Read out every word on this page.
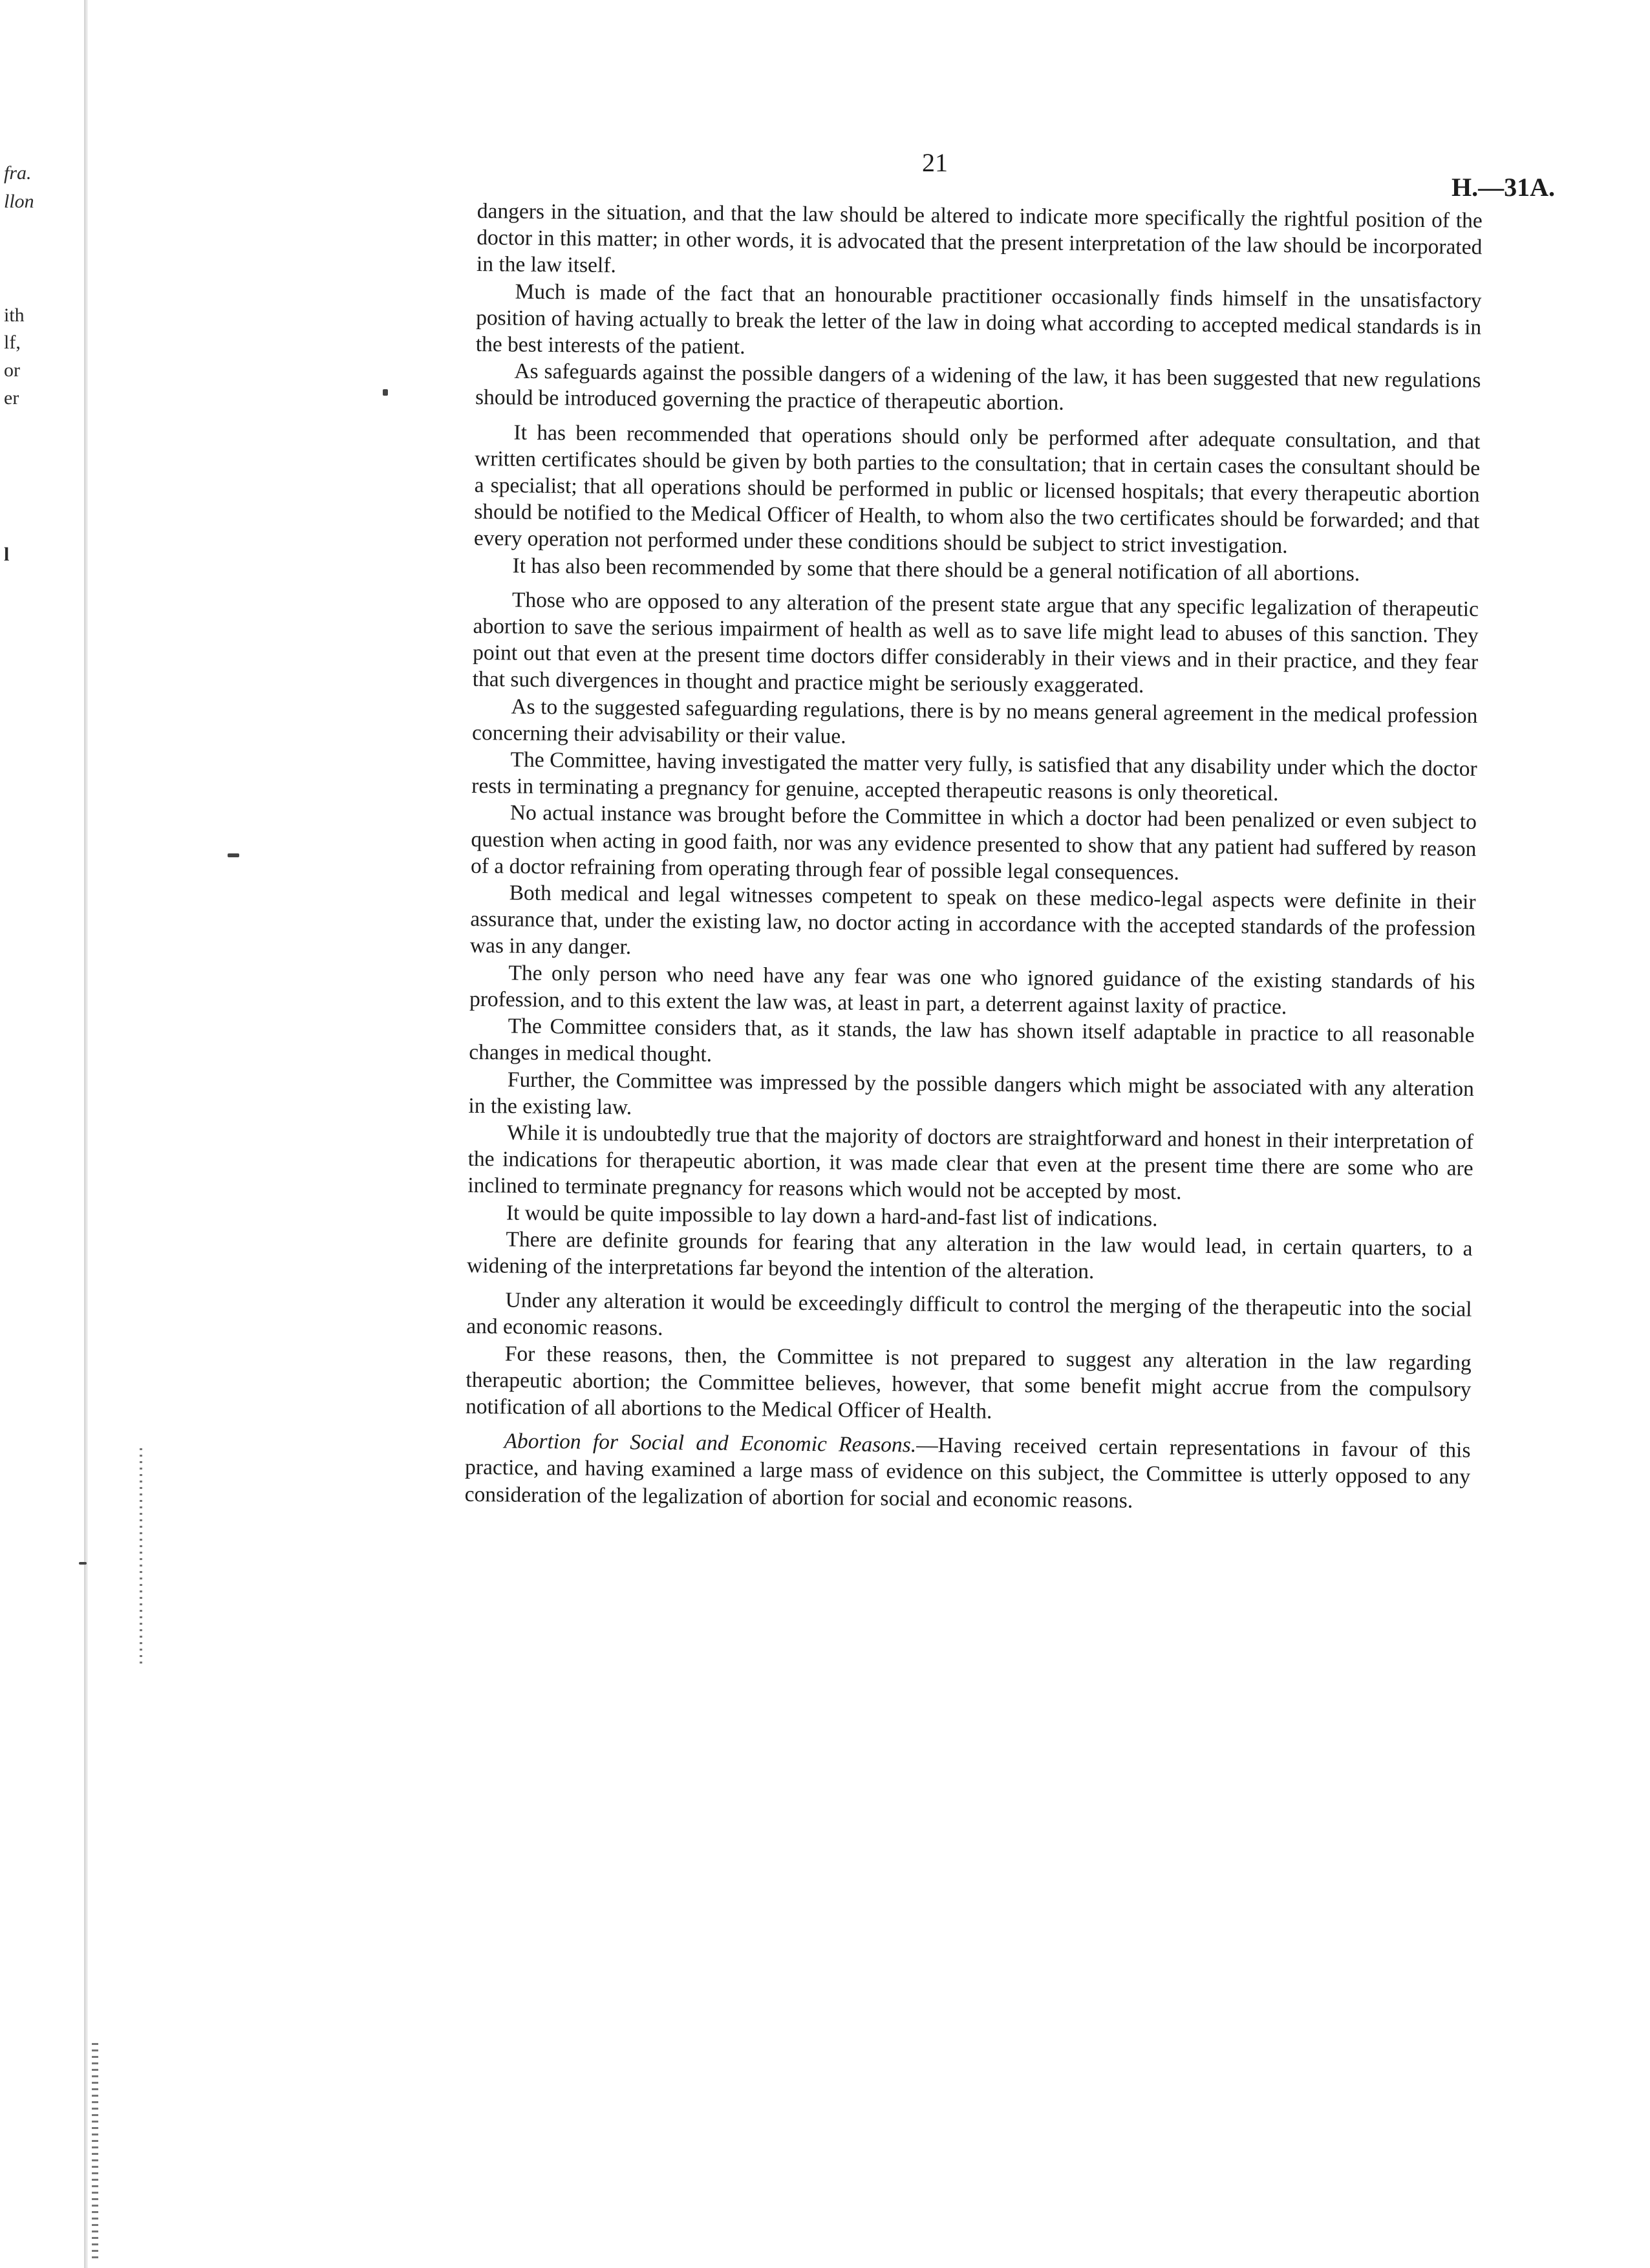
fra.
llon
ith
lf,
or
er
l
21
H.—31A.

dangers in the situation, and that the law should be altered to indicate more specifically the rightful position of the doctor in this matter; in other words, it is advocated that the present interpretation of the law should be incorporated in the law itself.

Much is made of the fact that an honourable practitioner occasionally finds himself in the unsatisfactory position of having actually to break the letter of the law in doing what according to accepted medical standards is in the best interests of the patient.

As safeguards against the possible dangers of a widening of the law, it has been suggested that new regulations should be introduced governing the practice of therapeutic abortion.

It has been recommended that operations should only be performed after adequate consultation, and that written certificates should be given by both parties to the consultation; that in certain cases the consultant should be a specialist; that all operations should be performed in public or licensed hospitals; that every therapeutic abortion should be notified to the Medical Officer of Health, to whom also the two certificates should be forwarded; and that every operation not performed under these conditions should be subject to strict investigation.

It has also been recommended by some that there should be a general notification of all abortions.

Those who are opposed to any alteration of the present state argue that any specific legalization of therapeutic abortion to save the serious impairment of health as well as to save life might lead to abuses of this sanction. They point out that even at the present time doctors differ considerably in their views and in their practice, and they fear that such divergences in thought and practice might be seriously exaggerated.

As to the suggested safeguarding regulations, there is by no means general agreement in the medical profession concerning their advisability or their value.

The Committee, having investigated the matter very fully, is satisfied that any disability under which the doctor rests in terminating a pregnancy for genuine, accepted therapeutic reasons is only theoretical.

No actual instance was brought before the Committee in which a doctor had been penalized or even subject to question when acting in good faith, nor was any evidence presented to show that any patient had suffered by reason of a doctor refraining from operating through fear of possible legal consequences.

Both medical and legal witnesses competent to speak on these medico-legal aspects were definite in their assurance that, under the existing law, no doctor acting in accordance with the accepted standards of the profession was in any danger.

The only person who need have any fear was one who ignored guidance of the existing standards of his profession, and to this extent the law was, at least in part, a deterrent against laxity of practice.

The Committee considers that, as it stands, the law has shown itself adaptable in practice to all reasonable changes in medical thought.

Further, the Committee was impressed by the possible dangers which might be associated with any alteration in the existing law.

While it is undoubtedly true that the majority of doctors are straightforward and honest in their interpretation of the indications for therapeutic abortion, it was made clear that even at the present time there are some who are inclined to terminate pregnancy for reasons which would not be accepted by most.

It would be quite impossible to lay down a hard-and-fast list of indications.

There are definite grounds for fearing that any alteration in the law would lead, in certain quarters, to a widening of the interpretations far beyond the intention of the alteration.

Under any alteration it would be exceedingly difficult to control the merging of the therapeutic into the social and economic reasons.

For these reasons, then, the Committee is not prepared to suggest any alteration in the law regarding therapeutic abortion; the Committee believes, however, that some benefit might accrue from the compulsory notification of all abortions to the Medical Officer of Health.

Abortion for Social and Economic Reasons.—Having received certain representations in favour of this practice, and having examined a large mass of evidence on this subject, the Committee is utterly opposed to any consideration of the legalization of abortion for social and economic reasons.
